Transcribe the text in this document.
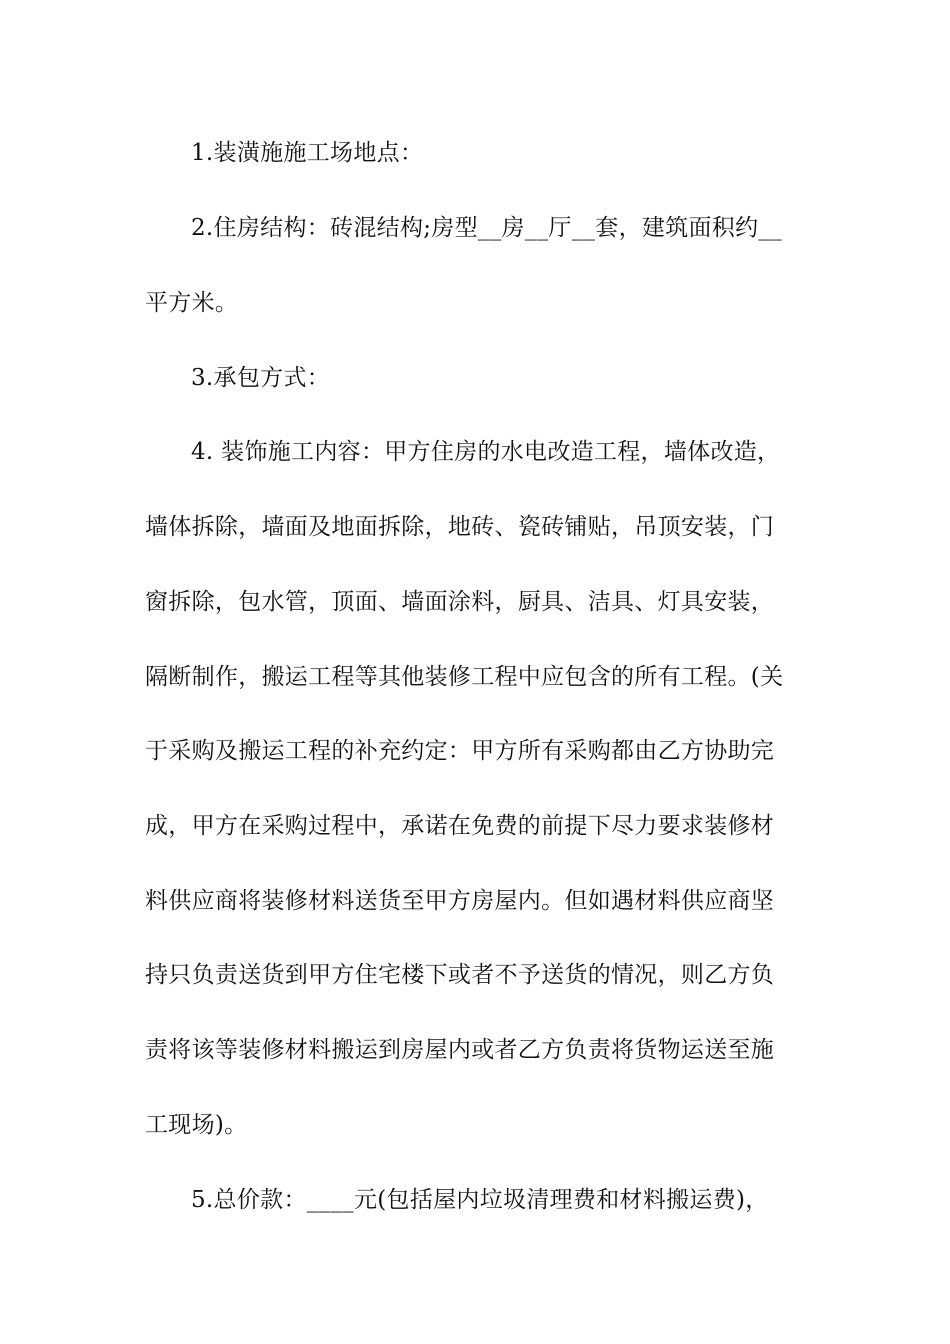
1.装潢施施工场地点：
2.住房结构：砖混结构;房型__房__厅__套，建筑面积约__
平方米。
3.承包方式：
4. 装饰施工内容：甲方住房的水电改造工程，墙体改造，
墙体拆除，墙面及地面拆除，地砖、瓷砖铺贴，吊顶安装，门
窗拆除，包水管，顶面、墙面涂料，厨具、洁具、灯具安装，
隔断制作，搬运工程等其他装修工程中应包含的所有工程。(关
于采购及搬运工程的补充约定：甲方所有采购都由乙方协助完
成，甲方在采购过程中，承诺在免费的前提下尽力要求装修材
料供应商将装修材料送货至甲方房屋内。但如遇材料供应商坚
持只负责送货到甲方住宅楼下或者不予送货的情况，则乙方负
责将该等装修材料搬运到房屋内或者乙方负责将货物运送至施
工现场)。
5.总价款：____元(包括屋内垃圾清理费和材料搬运费)，
